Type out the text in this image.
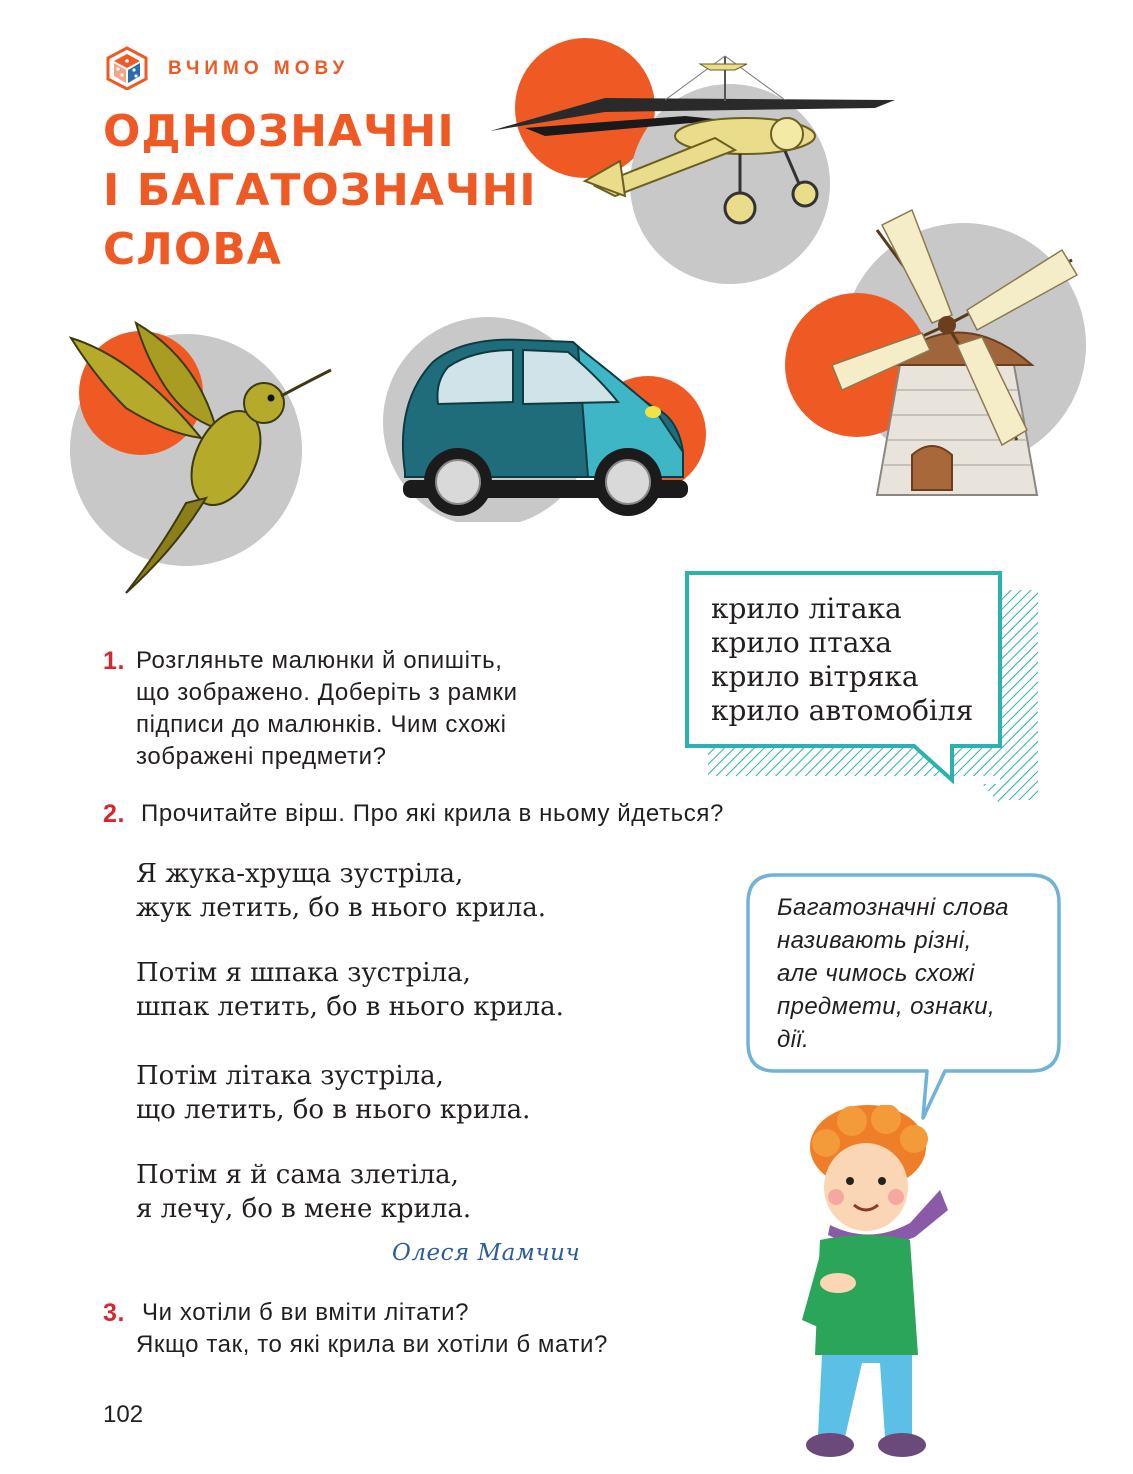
ВЧИМО МОВУ
ОДНОЗНАЧНІ
І БАГАТОЗНАЧНІ
СЛОВА
крило літака
крило птаха
крило вітряка
крило автомобіля
1. Розгляньте малюнки й опишіть,
що зображено. Доберіть з рамки
підписи до малюнків. Чим схожі
зображені предмети?
2. Прочитайте вірш. Про які крила в ньому йдеться?
Я жука-хруща зустріла,
жук летить, бо в нього крила.
Потім я шпака зустріла,
шпак летить, бо в нього крила.
Потім літака зустріла,
що летить, бо в нього крила.
Потім я й сама злетіла,
я лечу, бо в мене крила.
Олеся Мамчич
3. Чи хотіли б ви вміти літати?
Якщо так, то які крила ви хотіли б мати?
Багатозначні слова
називають різні,
але чимось схожі
предмети, ознаки,
дії.
102
